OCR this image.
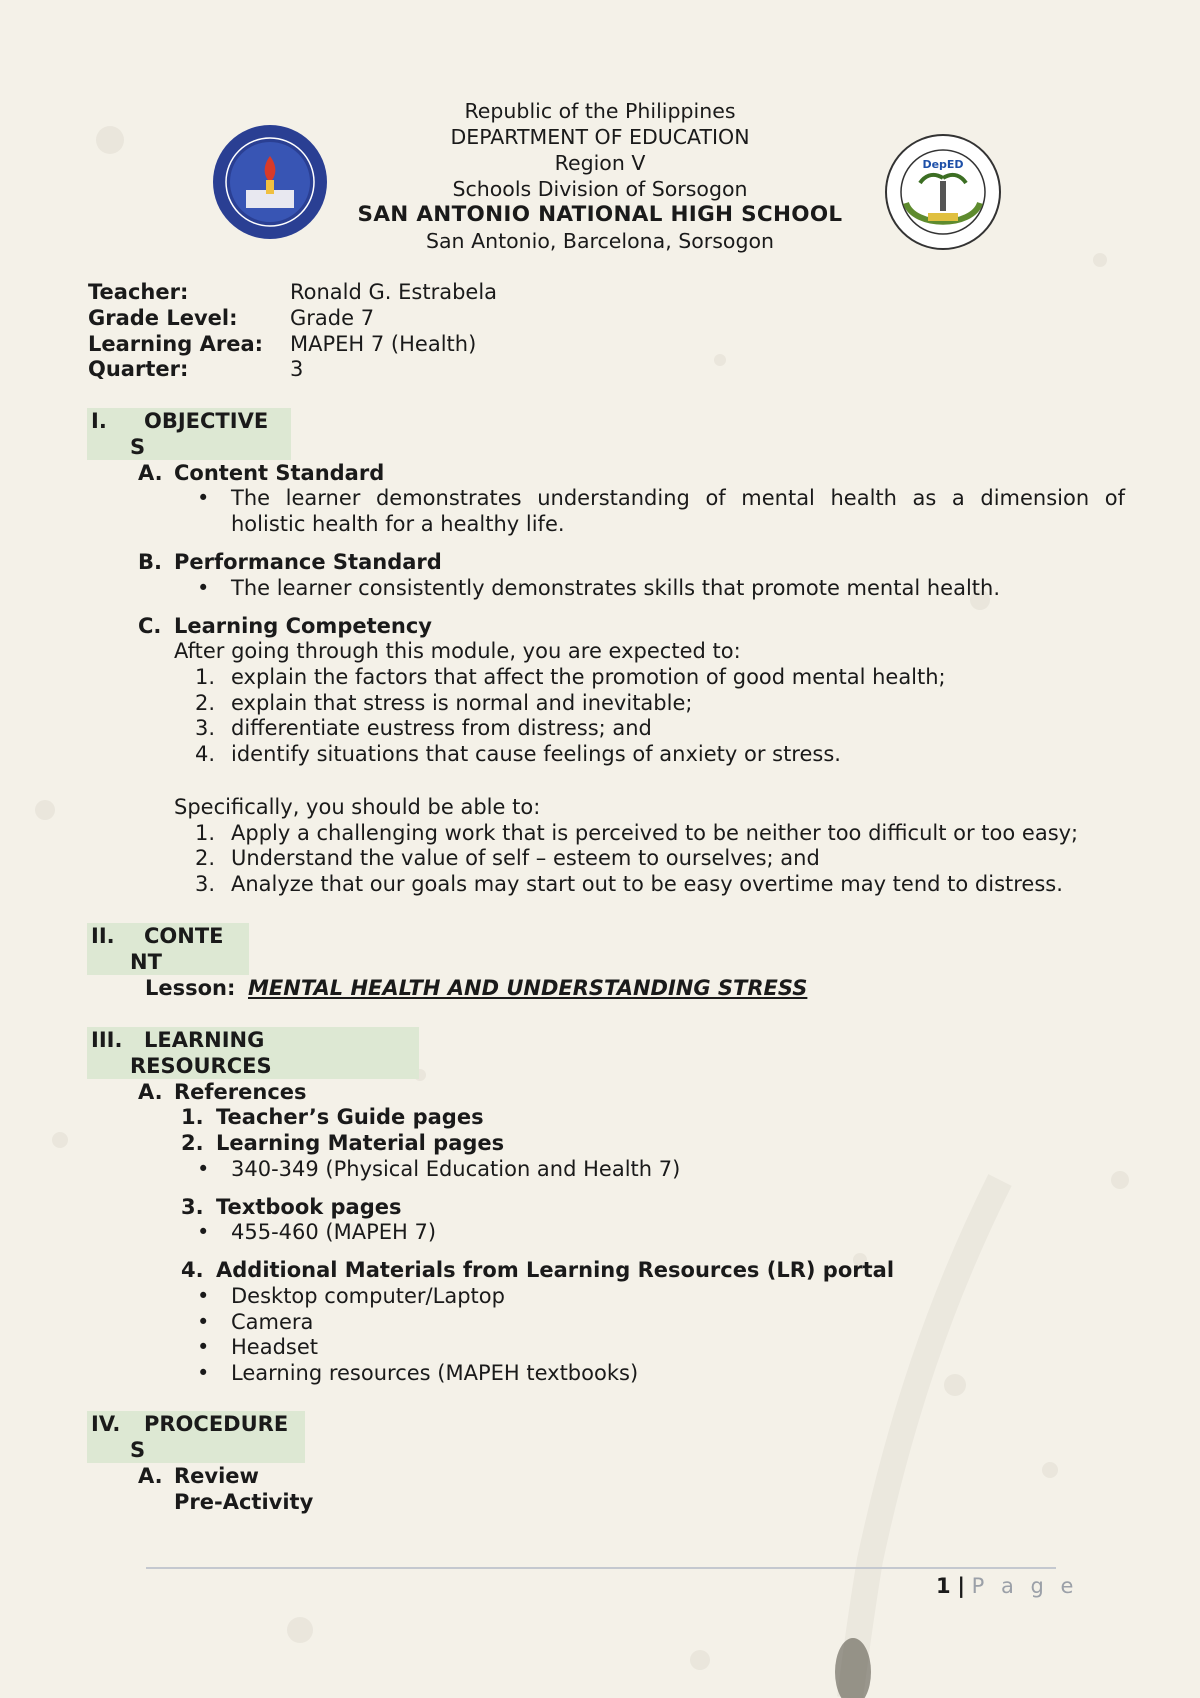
DepED
Republic of the Philippines
DEPARTMENT OF EDUCATION
Region V
Schools Division of Sorsogon
SAN ANTONIO NATIONAL HIGH SCHOOL
San Antonio, Barcelona, Sorsogon
Teacher:	Ronald G. Estrabela
Grade Level: Grade 7
Learning Area: MAPEH 7 (Health)
Quarter:	3
I. OBJECTIVE
S
A. Content Standard
• The learner demonstrates understanding of mental health as a dimension of
holistic health for a healthy life.
B. Performance Standard
• The learner consistently demonstrates skills that promote mental health.
C. Learning Competency
After going through this module, you are expected to:
1. explain the factors that affect the promotion of good mental health;
2. explain that stress is normal and inevitable;
3. differentiate eustress from distress; and
4. identify situations that cause feelings of anxiety or stress.
Specifically, you should be able to:
1. Apply a challenging work that is perceived to be neither too difficult or too easy;
2. Understand the value of self – esteem to ourselves; and
3. Analyze that our goals may start out to be easy overtime may tend to distress.
II. CONTE
NT
Lesson: MENTAL HEALTH AND UNDERSTANDING STRESS
III. LEARNING
RESOURCES
A. References
1. Teacher’s Guide pages
2. Learning Material pages
• 340-349 (Physical Education and Health 7)
3. Textbook pages
• 455-460 (MAPEH 7)
4. Additional Materials from Learning Resources (LR) portal
• Desktop computer/Laptop
• Camera
• Headset
• Learning resources (MAPEH textbooks)
IV. PROCEDURE
S
A. Review
Pre-Activity
1 | P a g e
